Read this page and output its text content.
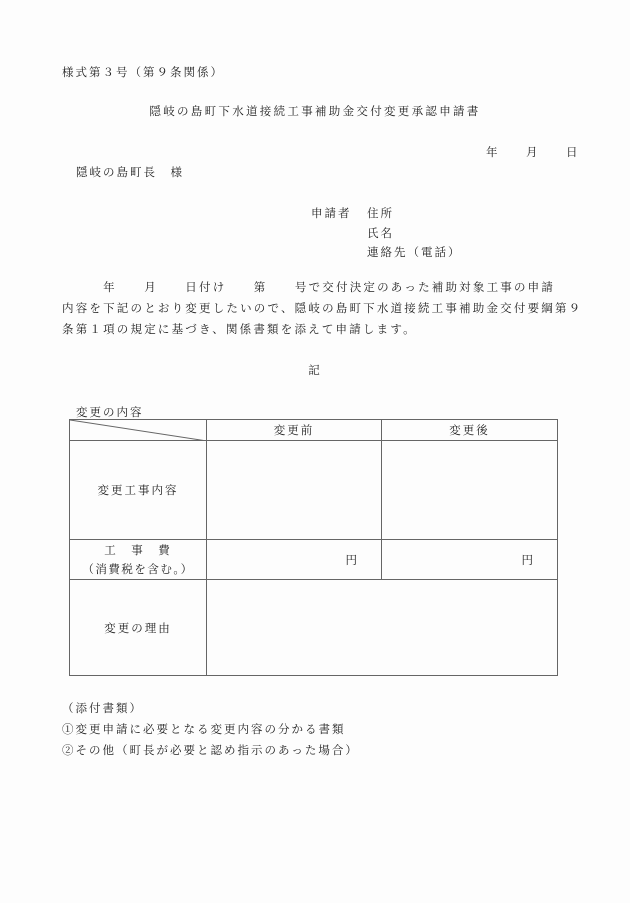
様式第３号（第９条関係）
隠岐の島町下水道接続工事補助金交付変更承認申請書
年 月 日
隠岐の島町長　様
申請者 住所
氏名
連絡先（電話）
　　　年　　月　　日付け　　第　　号で交付決定のあった補助対象工事の申請
内容を下記のとおり変更したいので、隠岐の島町下水道接続工事補助金交付要綱第９
条第１項の規定に基づき、関係書類を添えて申請します。
記
変更の内容
	変更前	変更後
変更工事内容		

工　事　費
（消費税を含む。）	円	円
変更の理由		
（添付書類）
①変更申請に必要となる変更内容の分かる書類
②その他（町長が必要と認め指示のあった場合）
